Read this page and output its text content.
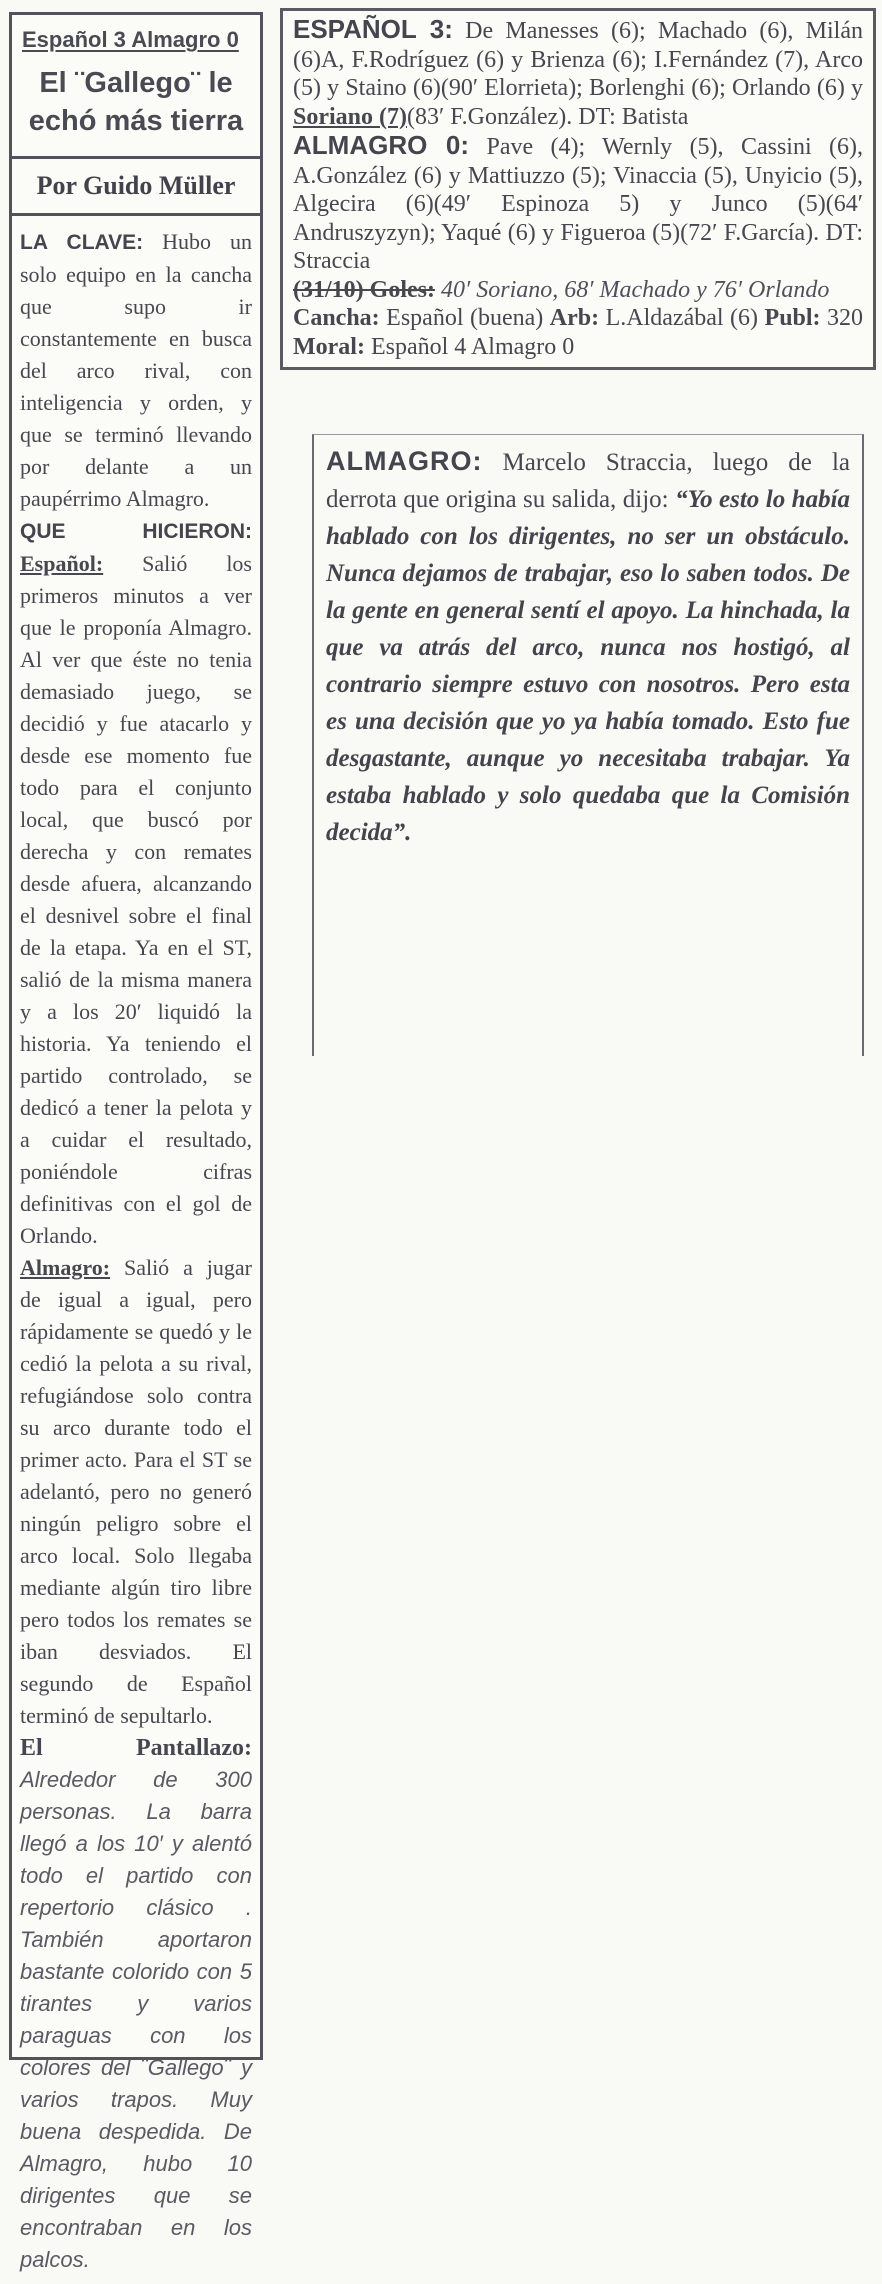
Español 3 Almagro 0
El ¨Gallego¨ le echó más tierra
Por Guido Müller

LA CLAVE: Hubo un solo equipo en la cancha que supo ir constantemente en busca del arco rival, con inteligencia y orden, y que se terminó llevando por delante a un paupérrimo Almagro.

QUE HICIERON: Español: Salió los primeros minutos a ver que le proponía Almagro. Al ver que éste no tenia demasiado juego, se decidió y fue atacarlo y desde ese momento fue todo para el conjunto local, que buscó por derecha y con remates desde afuera, alcanzando el desnivel sobre el final de la etapa. Ya en el ST, salió de la misma manera y a los 20′ liquidó la historia. Ya teniendo el partido controlado, se dedicó a tener la pelota y a cuidar el resultado, poniéndole cifras definitivas con el gol de Orlando.

Almagro: Salió a jugar de igual a igual, pero rápidamente se quedó y le cedió la pelota a su rival, refugiándose solo contra su arco durante todo el primer acto. Para el ST se adelantó, pero no generó ningún peligro sobre el arco local. Solo llegaba mediante algún tiro libre pero todos los remates se iban desviados. El segundo de Español terminó de sepultarlo.

El Pantallazo: Alrededor de 300 personas. La barra llegó a los 10′ y alentó todo el partido con repertorio clásico . También aportaron bastante colorido con 5 tirantes y varios paraguas con los colores del ¨Gallego¨ y varios trapos. Muy buena despedida. De Almagro, hubo 10 dirigentes que se encontraban en los palcos.

ESPAÑOL 3: De Manesses (6); Machado (6), Milán (6)A, F.Rodríguez (6) y Brienza (6); I.Fernández (7), Arco (5) y Staino (6)(90′ Elorrieta); Borlenghi (6); Orlando (6) y Soriano (7)(83′ F.González). DT: Batista

ALMAGRO 0: Pave (4); Wernly (5), Cassini (6), A.González (6) y Mattiuzzo (5); Vinaccia (5), Unyicio (5), Algecira (6)(49′ Espinoza 5) y Junco (5)(64′ Andruszyzyn); Yaqué (6) y Figueroa (5)(72′ F.García). DT: Straccia

(31/10) Goles: 40′ Soriano, 68′ Machado y 76′ Orlando

Cancha: Español (buena) Arb: L.Aldazábal (6) Publ: 320 Moral: Español 4 Almagro 0

ALMAGRO: Marcelo Straccia, luego de la derrota que origina su salida, dijo: “Yo esto lo había hablado con los dirigentes, no ser un obstáculo. Nunca dejamos de trabajar, eso lo saben todos. De la gente en general sentí el apoyo. La hinchada, la que va atrás del arco, nunca nos hostigó, al contrario siempre estuvo con nosotros. Pero esta es una decisión que yo ya había tomado. Esto fue desgastante, aunque yo necesitaba trabajar. Ya estaba hablado y solo quedaba que la Comisión decida”.
